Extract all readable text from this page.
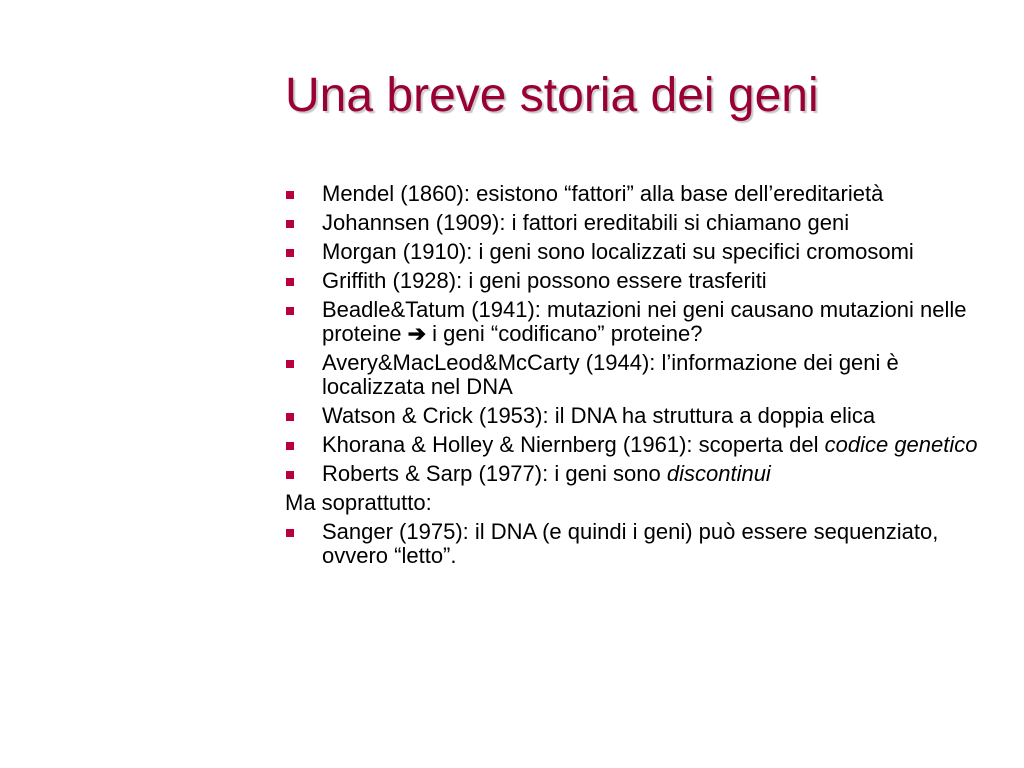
Una breve storia dei geni
Mendel (1860): esistono “fattori” alla base dell’ereditarietà
Johannsen (1909): i fattori ereditabili si chiamano geni
Morgan (1910): i geni sono localizzati su specifici cromosomi
Griffith (1928): i geni possono essere trasferiti
Beadle&Tatum (1941): mutazioni nei geni causano mutazioni nelle proteine ➔ i geni “codificano” proteine?
Avery&MacLeod&McCarty (1944): l’informazione dei geni è localizzata nel DNA
Watson & Crick (1953): il DNA ha struttura a doppia elica
Khorana & Holley & Niernberg (1961): scoperta del codice genetico
Roberts & Sarp (1977): i geni sono discontinui
Ma soprattutto:
Sanger (1975): il DNA (e quindi i geni) può essere sequenziato, ovvero “letto”.
